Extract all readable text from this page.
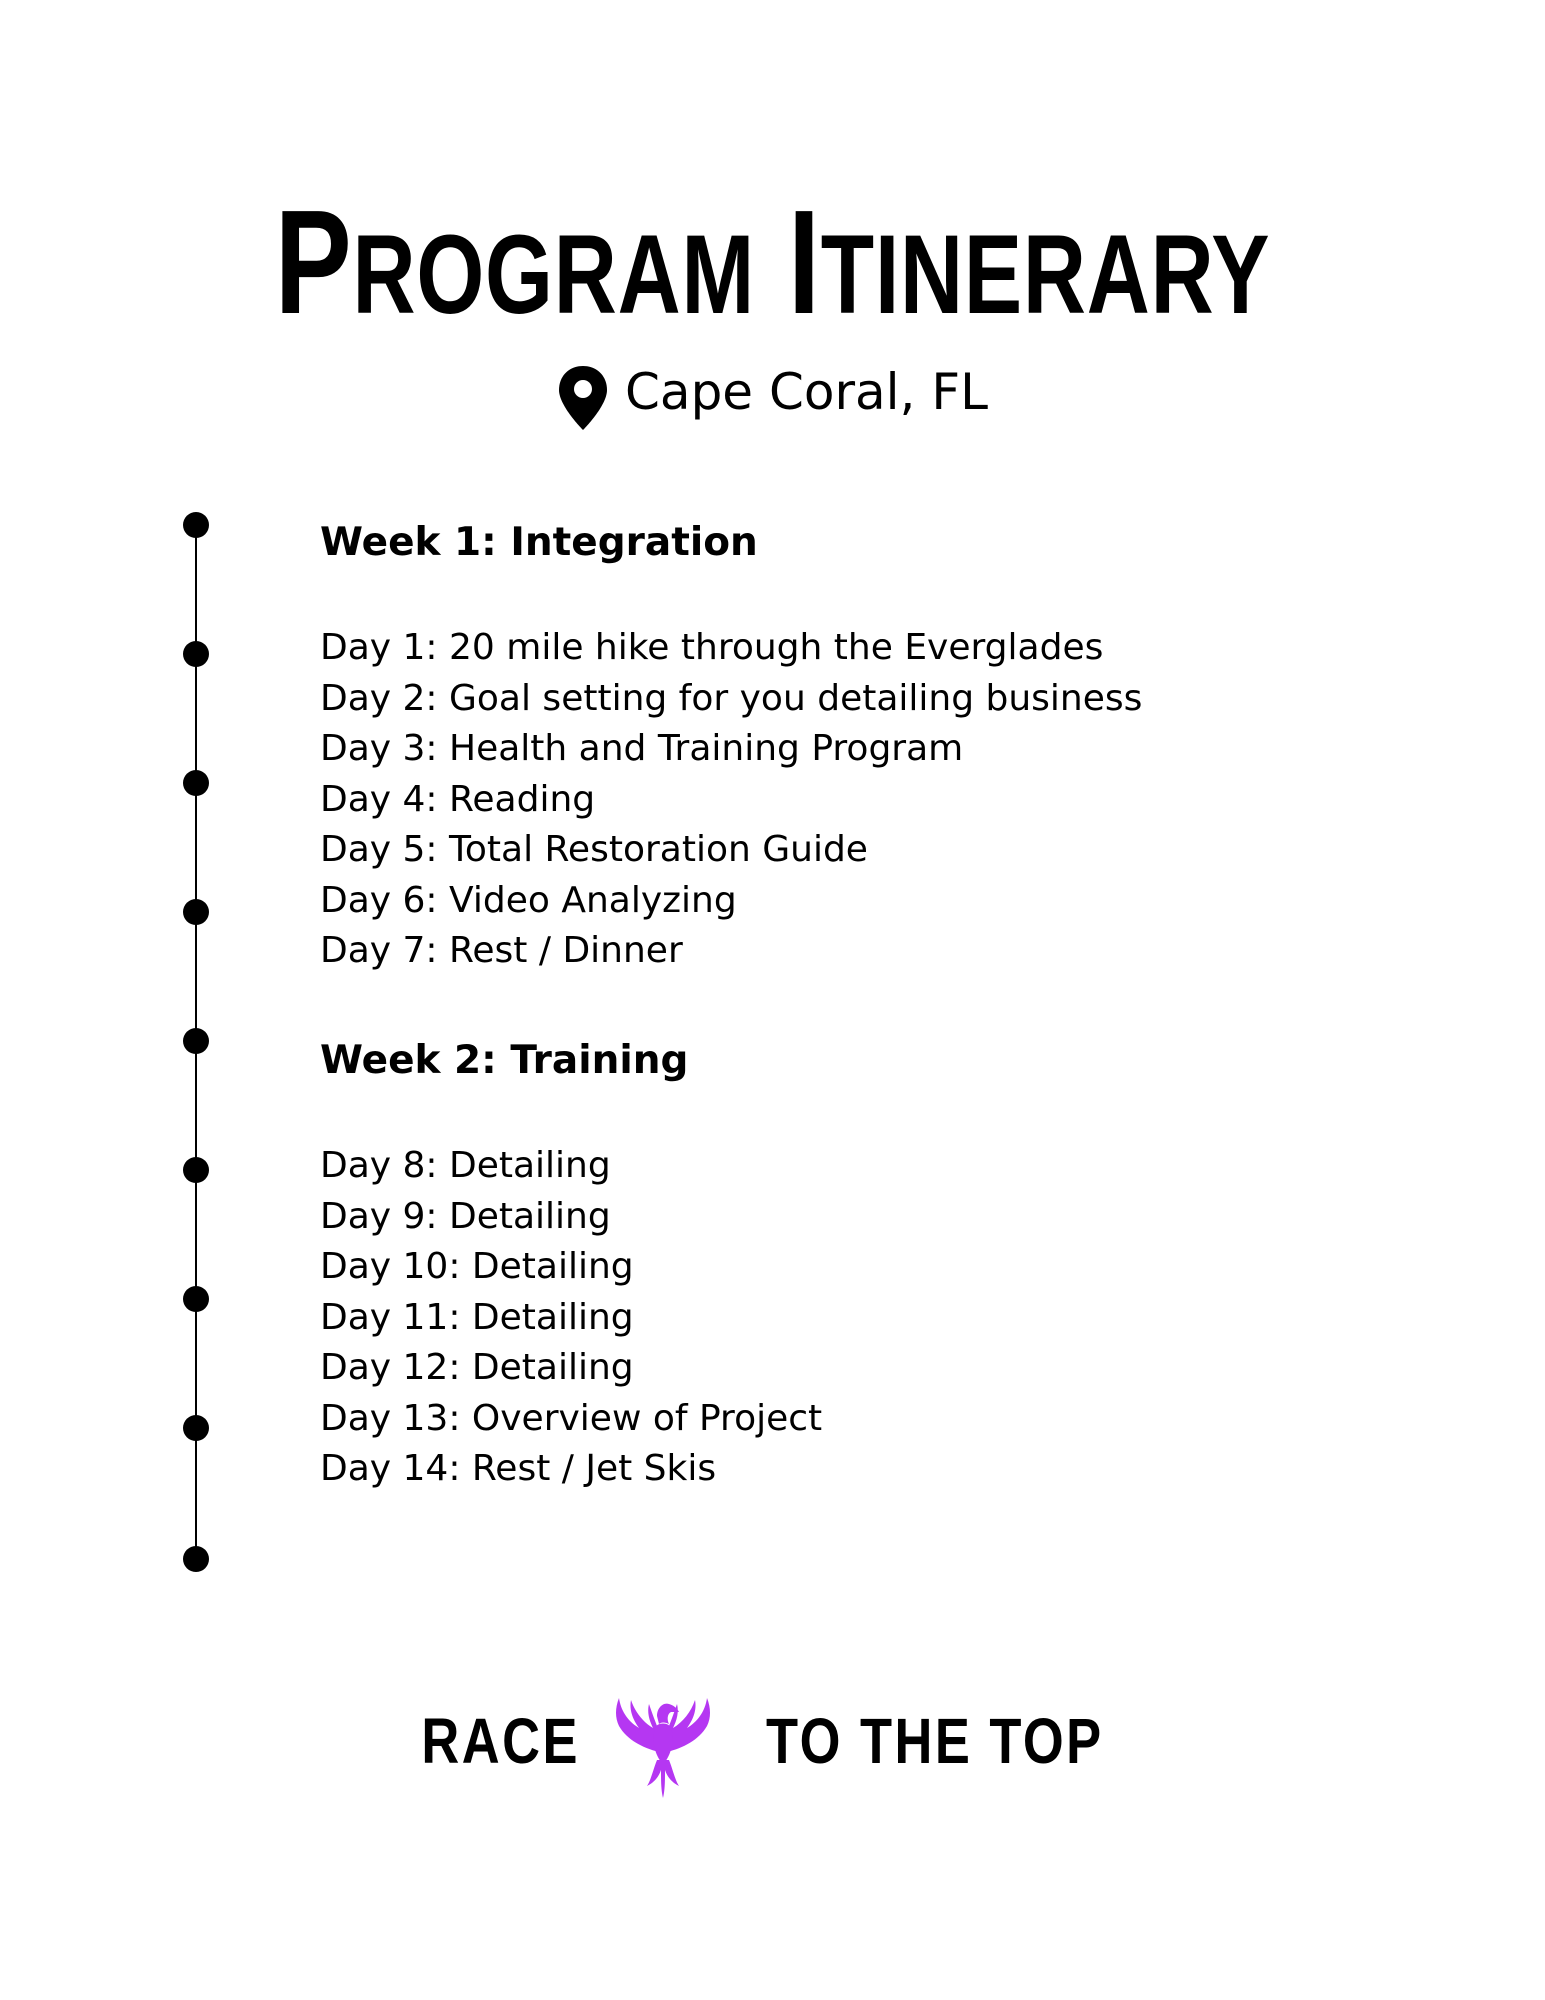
PROGRAM ITINERARY
Cape Coral, FL
Week 1: Integration
Day 1: 20 mile hike through the Everglades
Day 2: Goal setting for you detailing business
Day 3: Health and Training Program
Day 4: Reading
Day 5: Total Restoration Guide
Day 6: Video Analyzing
Day 7: Rest / Dinner
Week 2: Training
Day 8: Detailing
Day 9: Detailing
Day 10: Detailing
Day 11: Detailing
Day 12: Detailing
Day 13: Overview of Project
Day 14: Rest / Jet Skis
RACE	TO THE TOP
